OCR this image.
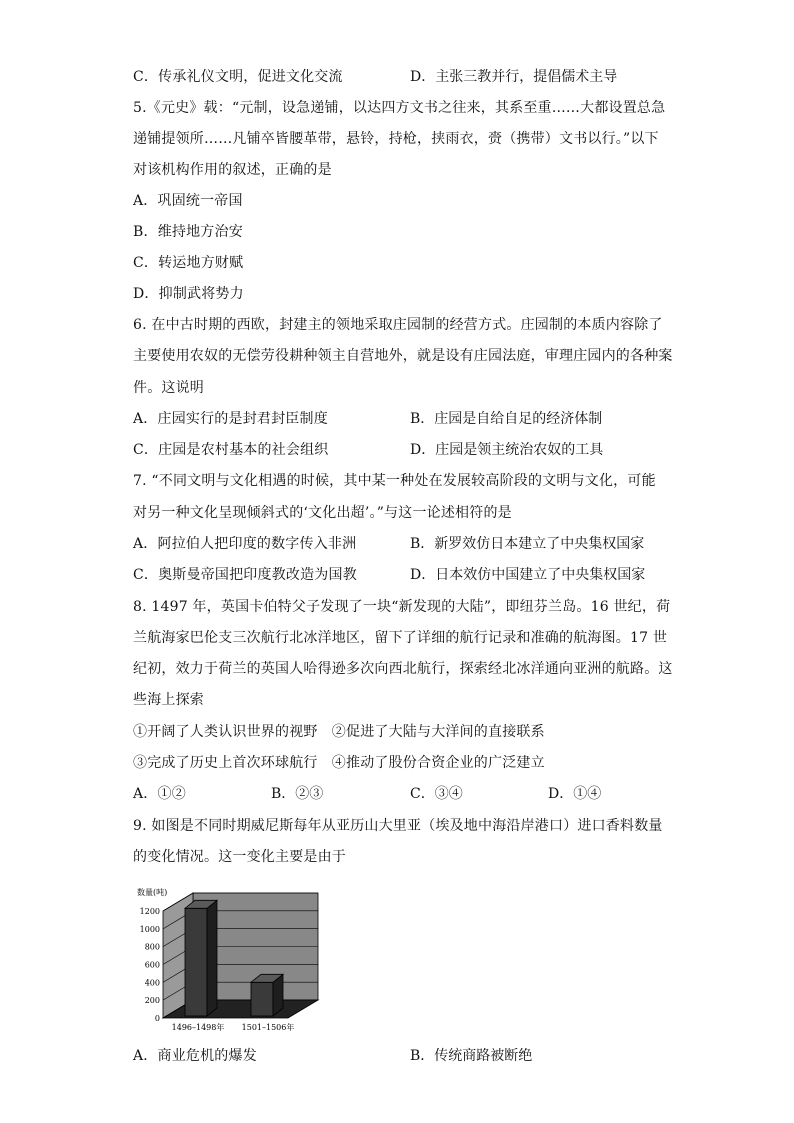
C．传承礼仪文明，促进文化交流	D．主张三教并行，提倡儒术主导
5.《元史》载：“元制，设急递铺，以达四方文书之往来，其系至重……大都设置总急
递铺提领所……凡铺卒皆腰革带，悬铃，持枪，挟雨衣，赍（携带）文书以行。”以下
对该机构作用的叙述，正确的是
A．巩固统一帝国
B．维持地方治安
C．转运地方财赋
D．抑制武将势力
6. 在中古时期的西欧，封建主的领地采取庄园制的经营方式。庄园制的本质内容除了
主要使用农奴的无偿劳役耕种领主自营地外，就是设有庄园法庭，审理庄园内的各种案
件。这说明
A．庄园实行的是封君封臣制度	B．庄园是自给自足的经济体制
C．庄园是农村基本的社会组织	D．庄园是领主统治农奴的工具
7. “不同文明与文化相遇的时候，其中某一种处在发展较高阶段的文明与文化，可能
对另一种文化呈现倾斜式的‘文化出超’。”与这一论述相符的是
A．阿拉伯人把印度的数字传入非洲	B．新罗效仿日本建立了中央集权国家
C．奥斯曼帝国把印度教改造为国教	D．日本效仿中国建立了中央集权国家
8. 1497 年，英国卡伯特父子发现了一块“新发现的大陆”，即纽芬兰岛。16 世纪，荷
兰航海家巴伦支三次航行北冰洋地区，留下了详细的航行记录和准确的航海图。17 世
纪初，效力于荷兰的英国人哈得逊多次向西北航行，探索经北冰洋通向亚洲的航路。这
些海上探索
①开阔了人类认识世界的视野　②促进了大陆与大洋间的直接联系
③完成了历史上首次环球航行　④推动了股份合资企业的广泛建立
A．①②	B．②③	C．③④	D．①④
9. 如图是不同时期威尼斯每年从亚历山大里亚（埃及地中海沿岸港口）进口香料数量
的变化情况。这一变化主要是由于
0
200
400
600
800
1000
1200
数量(吨)
1496–1498年 1501–1506年
A．商业危机的爆发	B．传统商路被断绝
